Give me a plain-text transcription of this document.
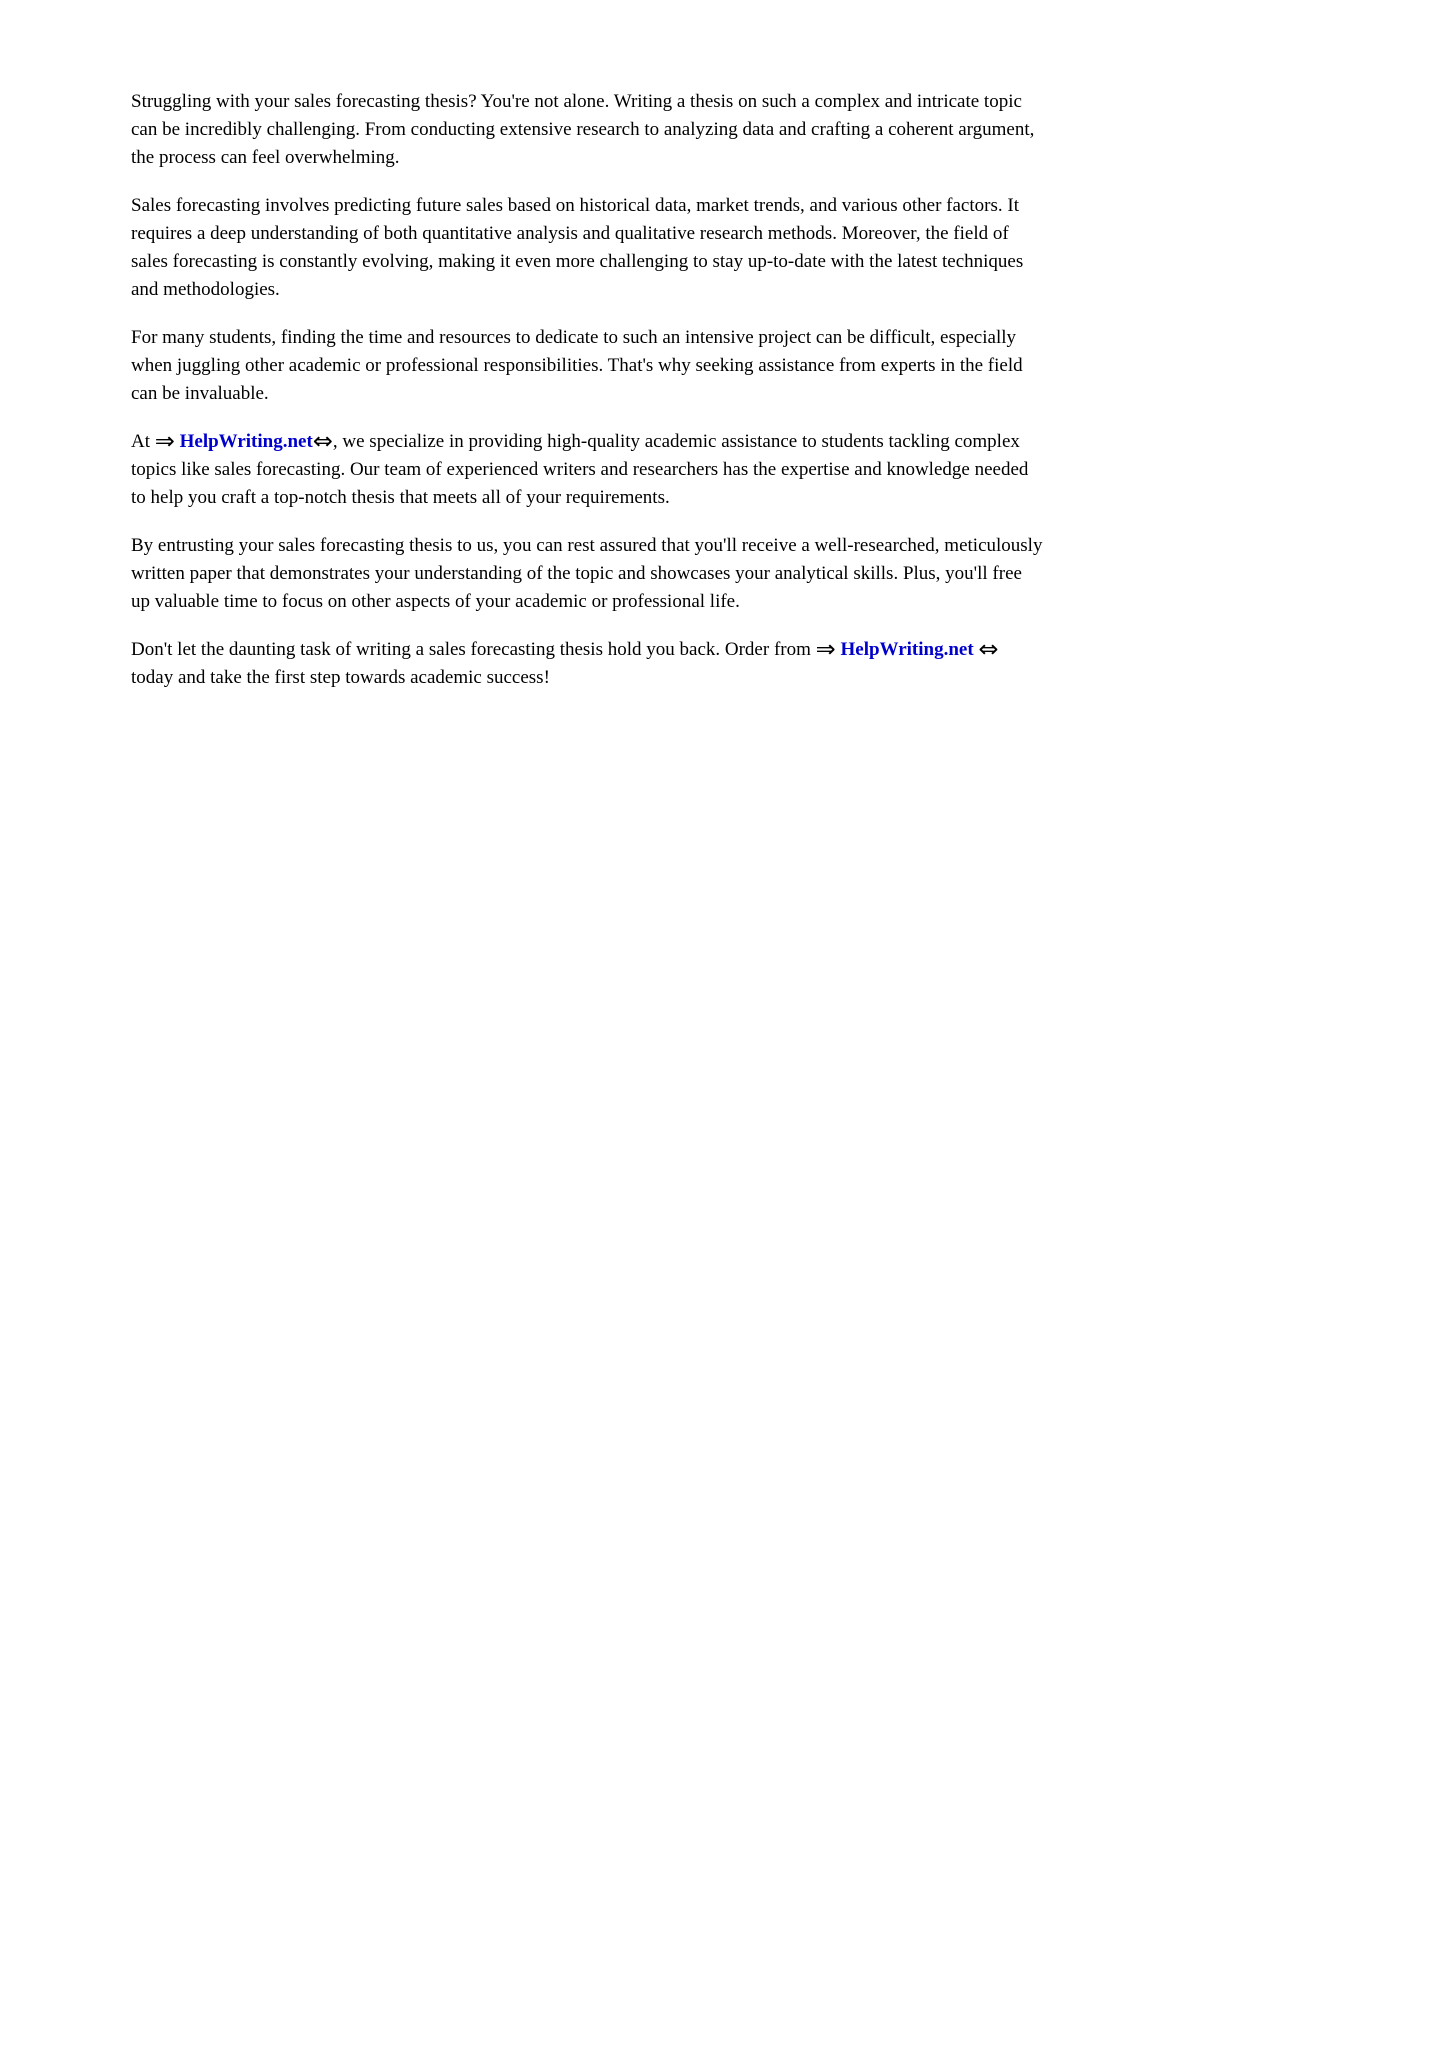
Struggling with your sales forecasting thesis? You're not alone. Writing a thesis on such a complex and intricate topic can be incredibly challenging. From conducting extensive research to analyzing data and crafting a coherent argument, the process can feel overwhelming.

Sales forecasting involves predicting future sales based on historical data, market trends, and various other factors. It requires a deep understanding of both quantitative analysis and qualitative research methods. Moreover, the field of sales forecasting is constantly evolving, making it even more challenging to stay up-to-date with the latest techniques and methodologies.

For many students, finding the time and resources to dedicate to such an intensive project can be difficult, especially when juggling other academic or professional responsibilities. That's why seeking assistance from experts in the field can be invaluable.

At ⇒ HelpWriting.net⇔, we specialize in providing high-quality academic assistance to students tackling complex topics like sales forecasting. Our team of experienced writers and researchers has the expertise and knowledge needed to help you craft a top-notch thesis that meets all of your requirements.

By entrusting your sales forecasting thesis to us, you can rest assured that you'll receive a well-researched, meticulously written paper that demonstrates your understanding of the topic and showcases your analytical skills. Plus, you'll free up valuable time to focus on other aspects of your academic or professional life.

Don't let the daunting task of writing a sales forecasting thesis hold you back. Order from ⇒ HelpWriting.net ⇔ today and take the first step towards academic success!
